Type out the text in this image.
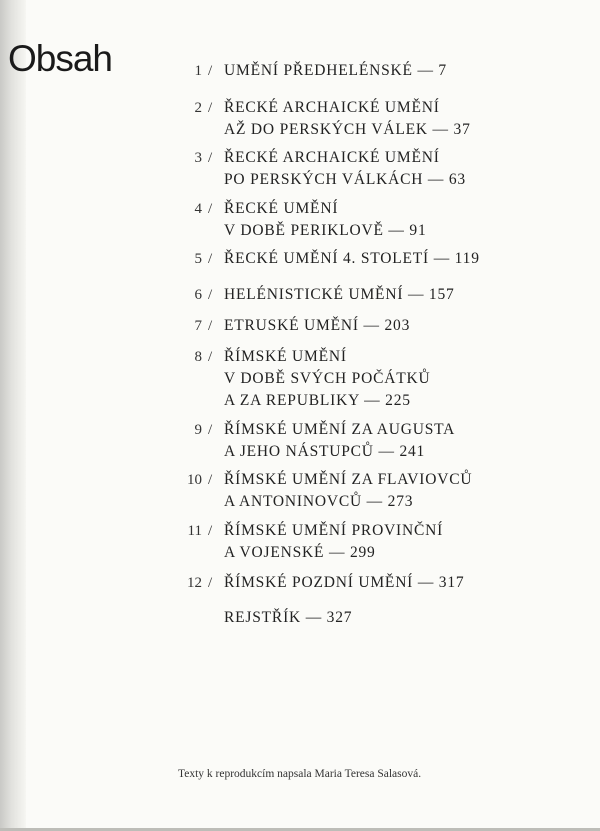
Obsah	1 / UMĚNÍ PŘEDHELÉNSKÉ — 7
2 / ŘECKÉ ARCHAICKÉ UMĚNÍ
AŽ DO PERSKÝCH VÁLEK — 37
3 / ŘECKÉ ARCHAICKÉ UMĚNÍ
PO PERSKÝCH VÁLKÁCH — 63
4 / ŘECKÉ UMĚNÍ
V DOBĚ PERIKLOVĚ — 91
5 / ŘECKÉ UMĚNÍ 4. STOLETÍ — 119
6 / HELÉNISTICKÉ UMĚNÍ — 157
7 / ETRUSKÉ UMĚNÍ — 203
8 / ŘÍMSKÉ UMĚNÍ
V DOBĚ SVÝCH POČÁTKŮ
A ZA REPUBLIKY — 225
9 / ŘÍMSKÉ UMĚNÍ ZA AUGUSTA
A JEHO NÁSTUPCŮ — 241
10 / ŘÍMSKÉ UMĚNÍ ZA FLAVIOVCŮ
A ANTONINOVCŮ — 273
11 / ŘÍMSKÉ UMĚNÍ PROVINČNÍ
A VOJENSKÉ — 299
12 / ŘÍMSKÉ POZDNÍ UMĚNÍ — 317
REJSTŘÍK — 327
Texty k reprodukcím napsala Maria Teresa Salasová.
